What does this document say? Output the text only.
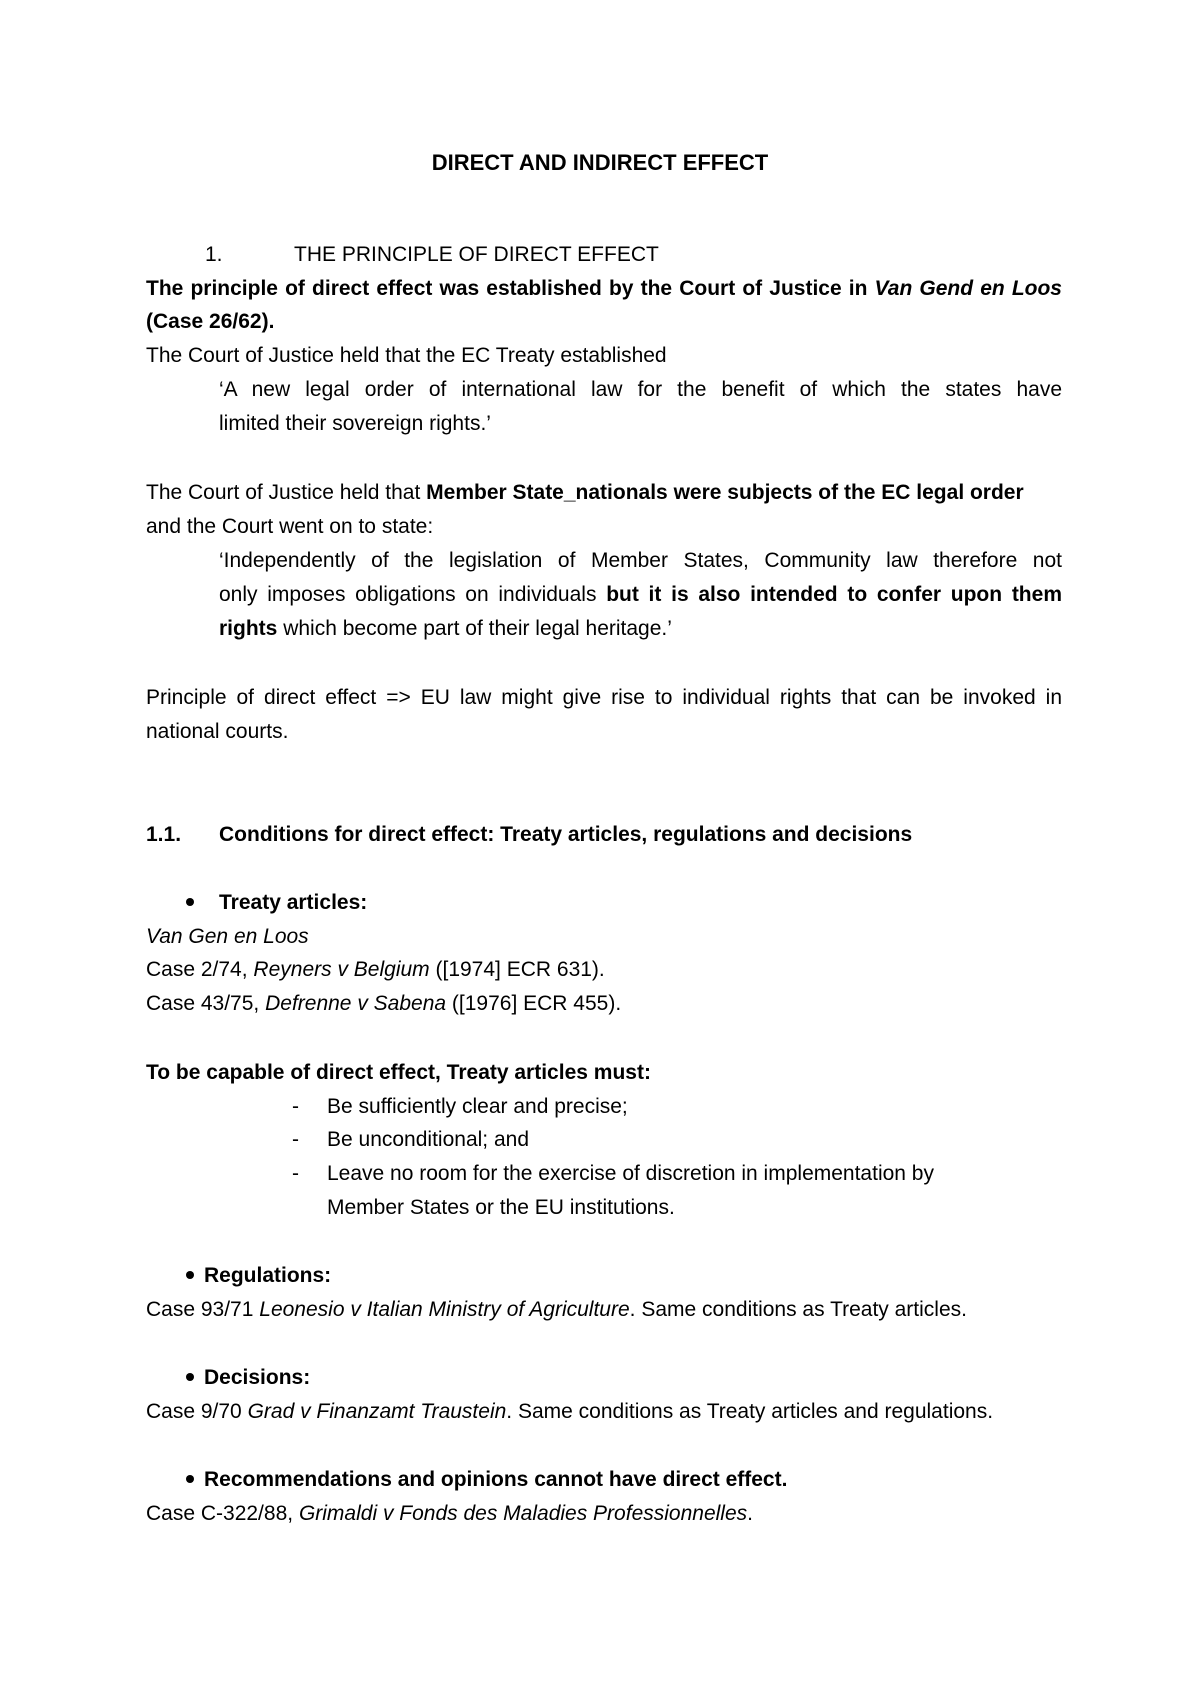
DIRECT AND INDIRECT EFFECT
1.	THE PRINCIPLE OF DIRECT EFFECT
The principle of direct effect was established by the Court of Justice in Van Gend en Loos
(Case 26/62).
The Court of Justice held that the EC Treaty established
‘A new legal order of international law for the benefit of which the states have
limited their sovereign rights.’
The Court of Justice held that Member State_nationals were subjects of the EC legal order
and the Court went on to state:
‘Independently of the legislation of Member States, Community law therefore not
only imposes obligations on individuals but it is also intended to confer upon them
rights which become part of their legal heritage.’
Principle of direct effect => EU law might give rise to individual rights that can be invoked in
national courts.
1.1. Conditions for direct effect: Treaty articles, regulations and decisions
Treaty articles:
Van Gen en Loos
Case 2/74, Reyners v Belgium ([1974] ECR 631).
Case 43/75, Defrenne v Sabena ([1976] ECR 455).
To be capable of direct effect, Treaty articles must:
- Be sufficiently clear and precise;
- Be unconditional; and
- Leave no room for the exercise of discretion in implementation by
Member States or the EU institutions.
Regulations:
Case 93/71 Leonesio v Italian Ministry of Agriculture. Same conditions as Treaty articles.
Decisions:
Case 9/70 Grad v Finanzamt Traustein. Same conditions as Treaty articles and regulations.
Recommendations and opinions cannot have direct effect.
Case C-322/88, Grimaldi v Fonds des Maladies Professionnelles.
